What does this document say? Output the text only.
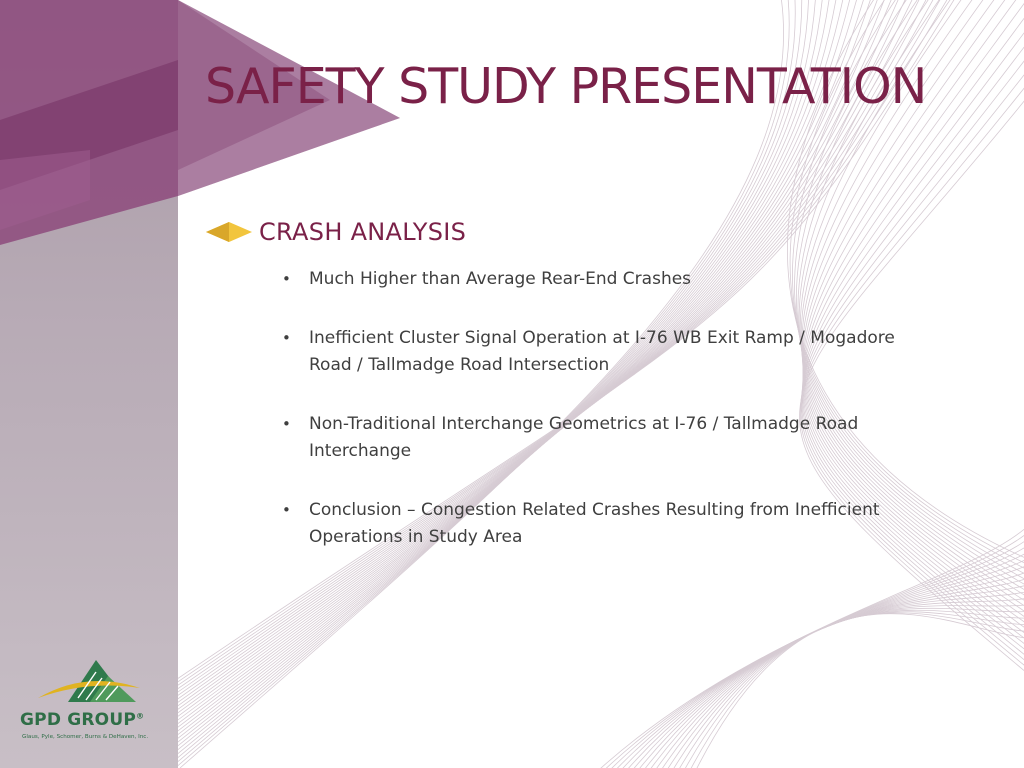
SAFETY STUDY PRESENTATION
CRASH ANALYSIS
• Much Higher than Average Rear-End Crashes
• Inefficient Cluster Signal Operation at I-76 WB Exit Ramp / Mogadore Road / Tallmadge Road Intersection
• Non-Traditional Interchange Geometrics at I-76 / Tallmadge Road Interchange
• Conclusion – Congestion Related Crashes Resulting from Inefficient Operations in Study Area
GPD GROUP®
Glaus, Pyle, Schomer, Burns & DeHaven, Inc.
